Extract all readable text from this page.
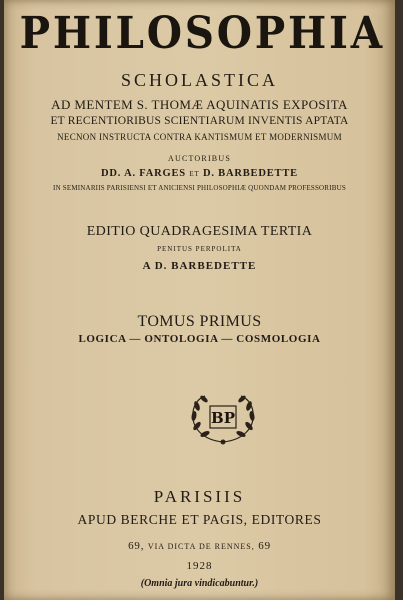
PHILOSOPHIA
SCHOLASTICA
AD MENTEM S. THOMÆ AQUINATIS EXPOSITA
ET RECENTIORIBUS SCIENTIARUM INVENTIS APTATA
NECNON INSTRUCTA CONTRA KANTISMUM ET MODERNISMUM
AUCTORIBUS
DD. A. FARGES ET D. BARBEDETTE
IN SEMINARIIS PARISIENSI ET ANICIENSI PHILOSOPHIÆ QUONDAM PROFESSORIBUS
EDITIO QUADRAGESIMA TERTIA
PENITUS PERPOLITA
A D. BARBEDETTE
TOMUS PRIMUS
LOGICA — ONTOLOGIA — COSMOLOGIA
BP
PARISIIS
APUD BERCHE ET PAGIS, EDITORES
69, VIA DICTA DE RENNES, 69
1928
(Omnia jura vindicabuntur.)
